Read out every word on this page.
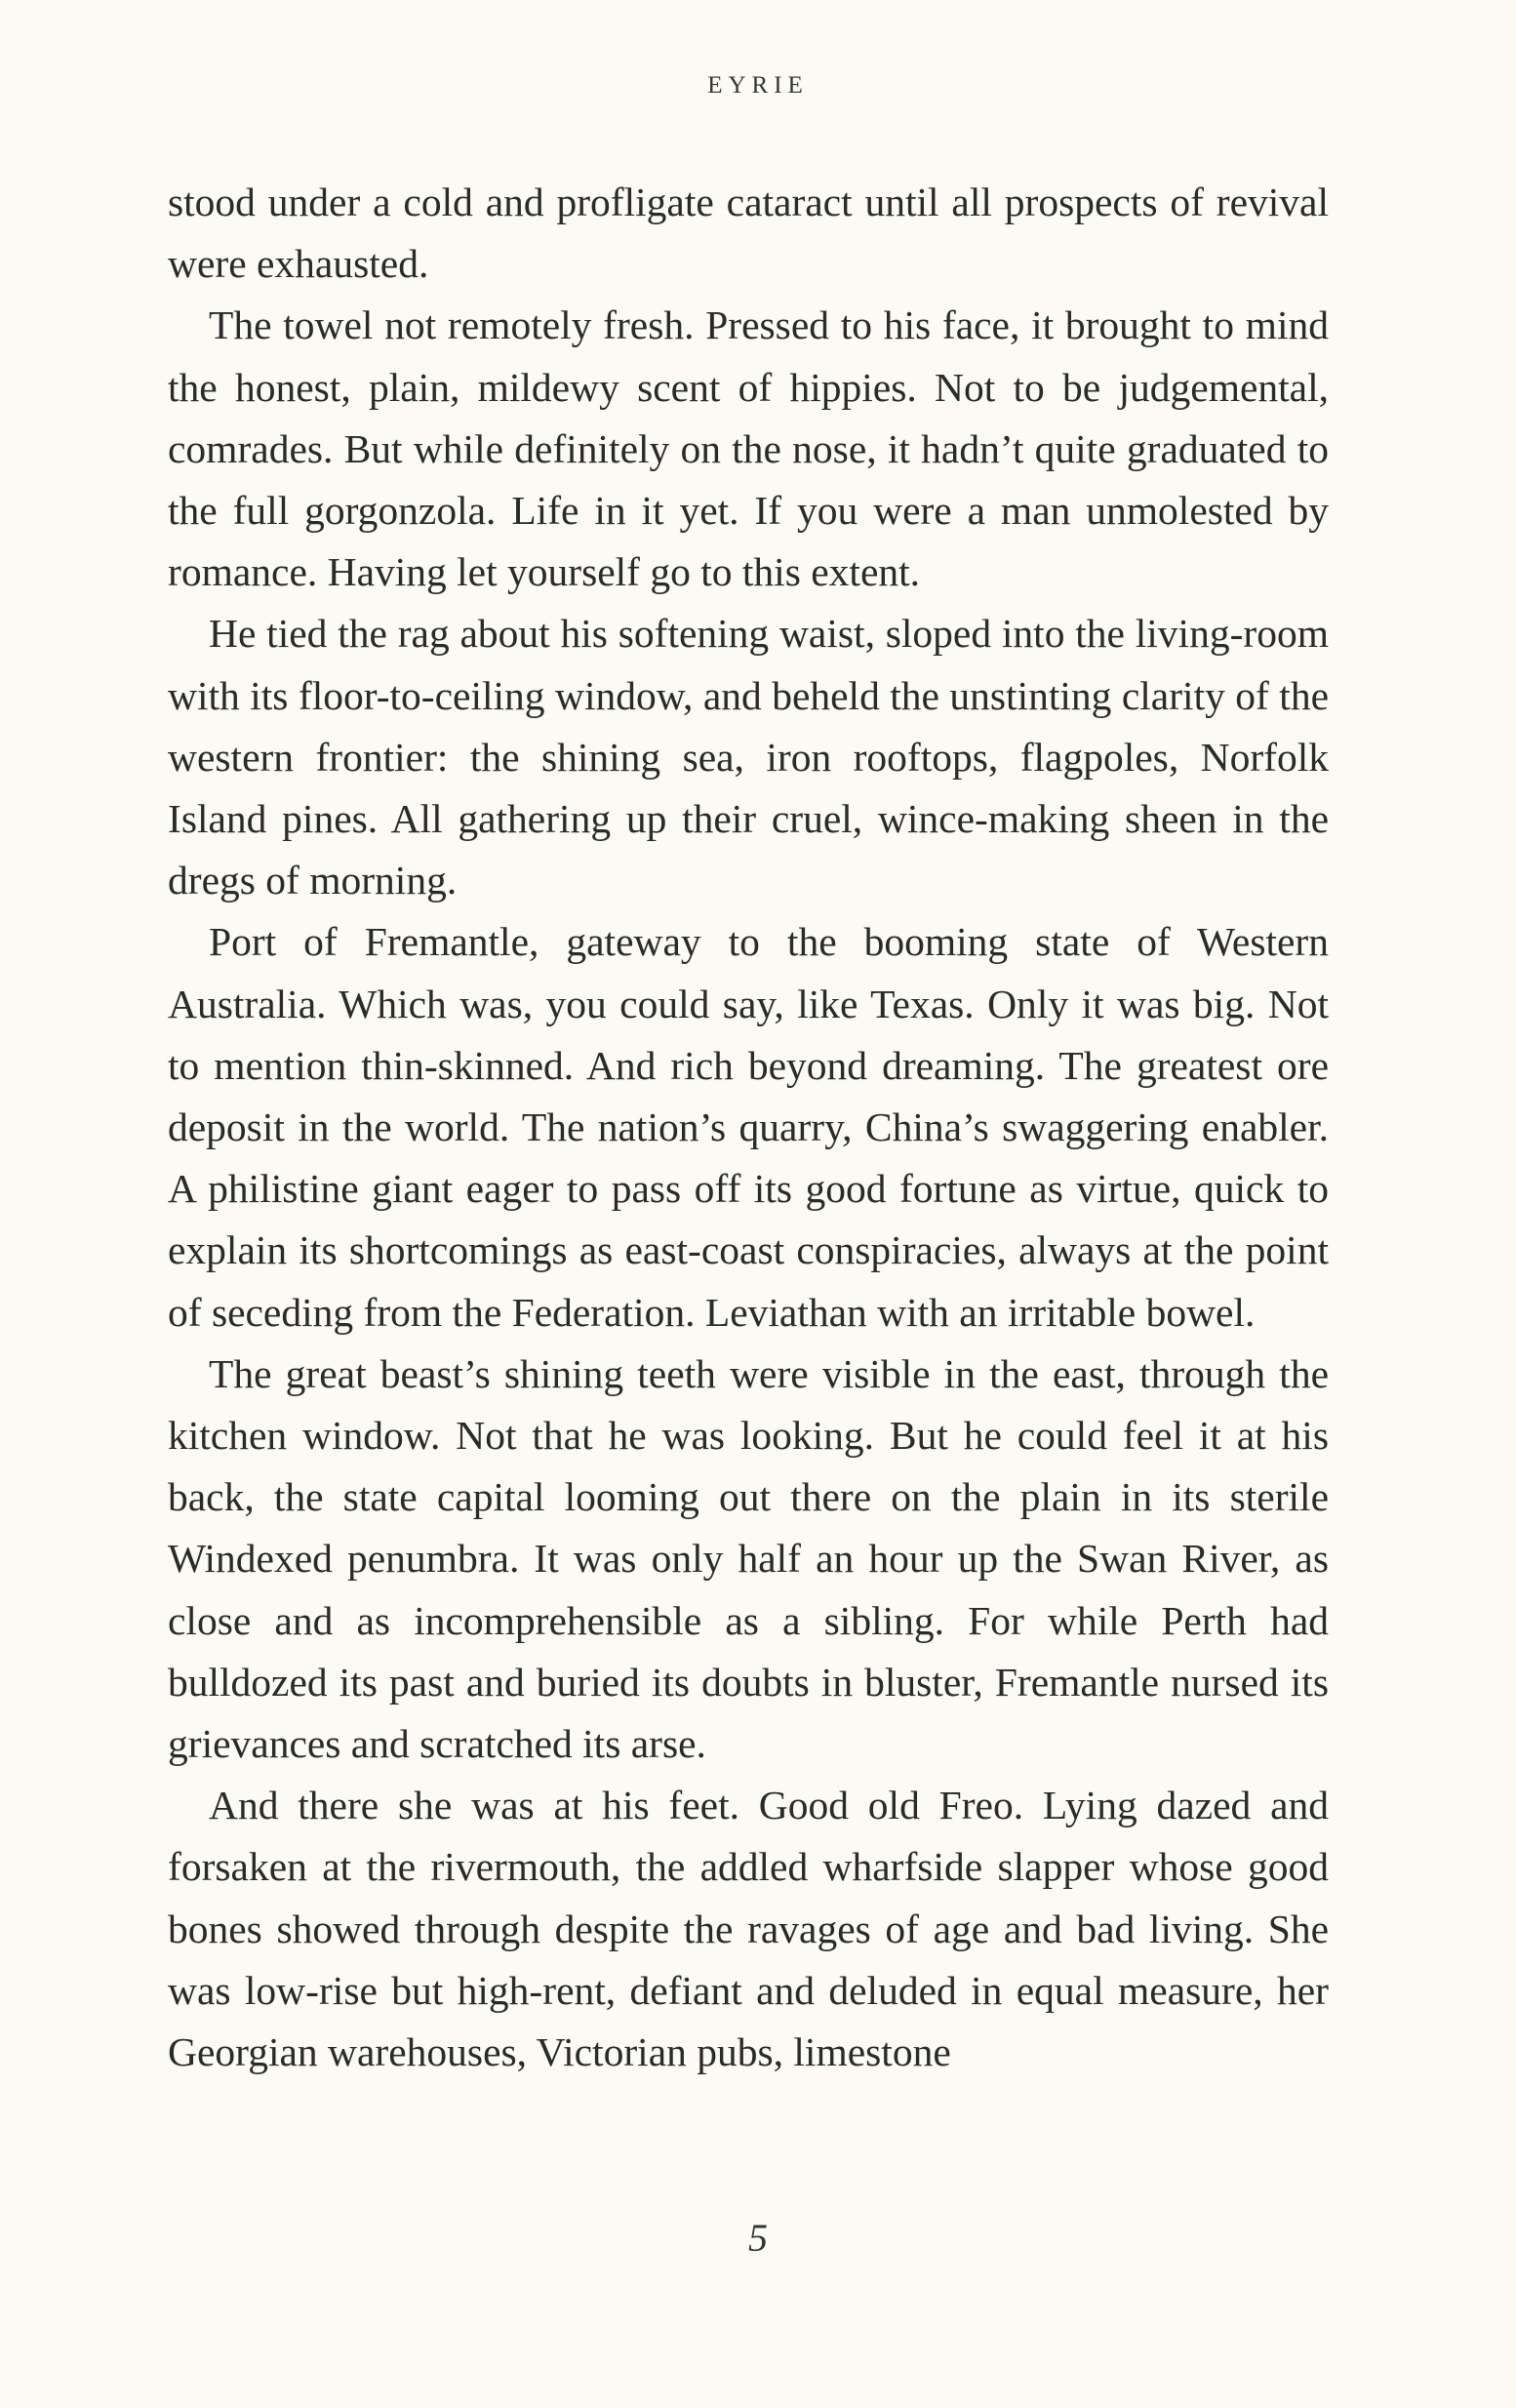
EYRIE

stood under a cold and profligate cataract until all prospects of revival were exhausted.

The towel not remotely fresh. Pressed to his face, it brought to mind the honest, plain, mildewy scent of hippies. Not to be judgemental, comrades. But while definitely on the nose, it hadn’t quite graduated to the full gorgonzola. Life in it yet. If you were a man unmolested by romance. Having let yourself go to this extent.

He tied the rag about his softening waist, sloped into the living-room with its floor-to-ceiling window, and beheld the unstinting clarity of the western frontier: the shining sea, iron rooftops, flagpoles, Norfolk Island pines. All gathering up their cruel, wince-making sheen in the dregs of morning.

Port of Fremantle, gateway to the booming state of Western Australia. Which was, you could say, like Texas. Only it was big. Not to mention thin-skinned. And rich beyond dreaming. The greatest ore deposit in the world. The nation’s quarry, China’s swaggering enabler. A philistine giant eager to pass off its good fortune as virtue, quick to explain its shortcomings as east-coast conspiracies, always at the point of seceding from the Federation. Leviathan with an irritable bowel.

The great beast’s shining teeth were visible in the east, through the kitchen window. Not that he was looking. But he could feel it at his back, the state capital looming out there on the plain in its sterile Windexed penumbra. It was only half an hour up the Swan River, as close and as incomprehensible as a sibling. For while Perth had bulldozed its past and buried its doubts in bluster, Fremantle nursed its grievances and scratched its arse.

And there she was at his feet. Good old Freo. Lying dazed and forsaken at the rivermouth, the addled wharfside slapper whose good bones showed through despite the ravages of age and bad living. She was low-rise but high-rent, defiant and deluded in equal measure, her Georgian warehouses, Victorian pubs, limestone

5
